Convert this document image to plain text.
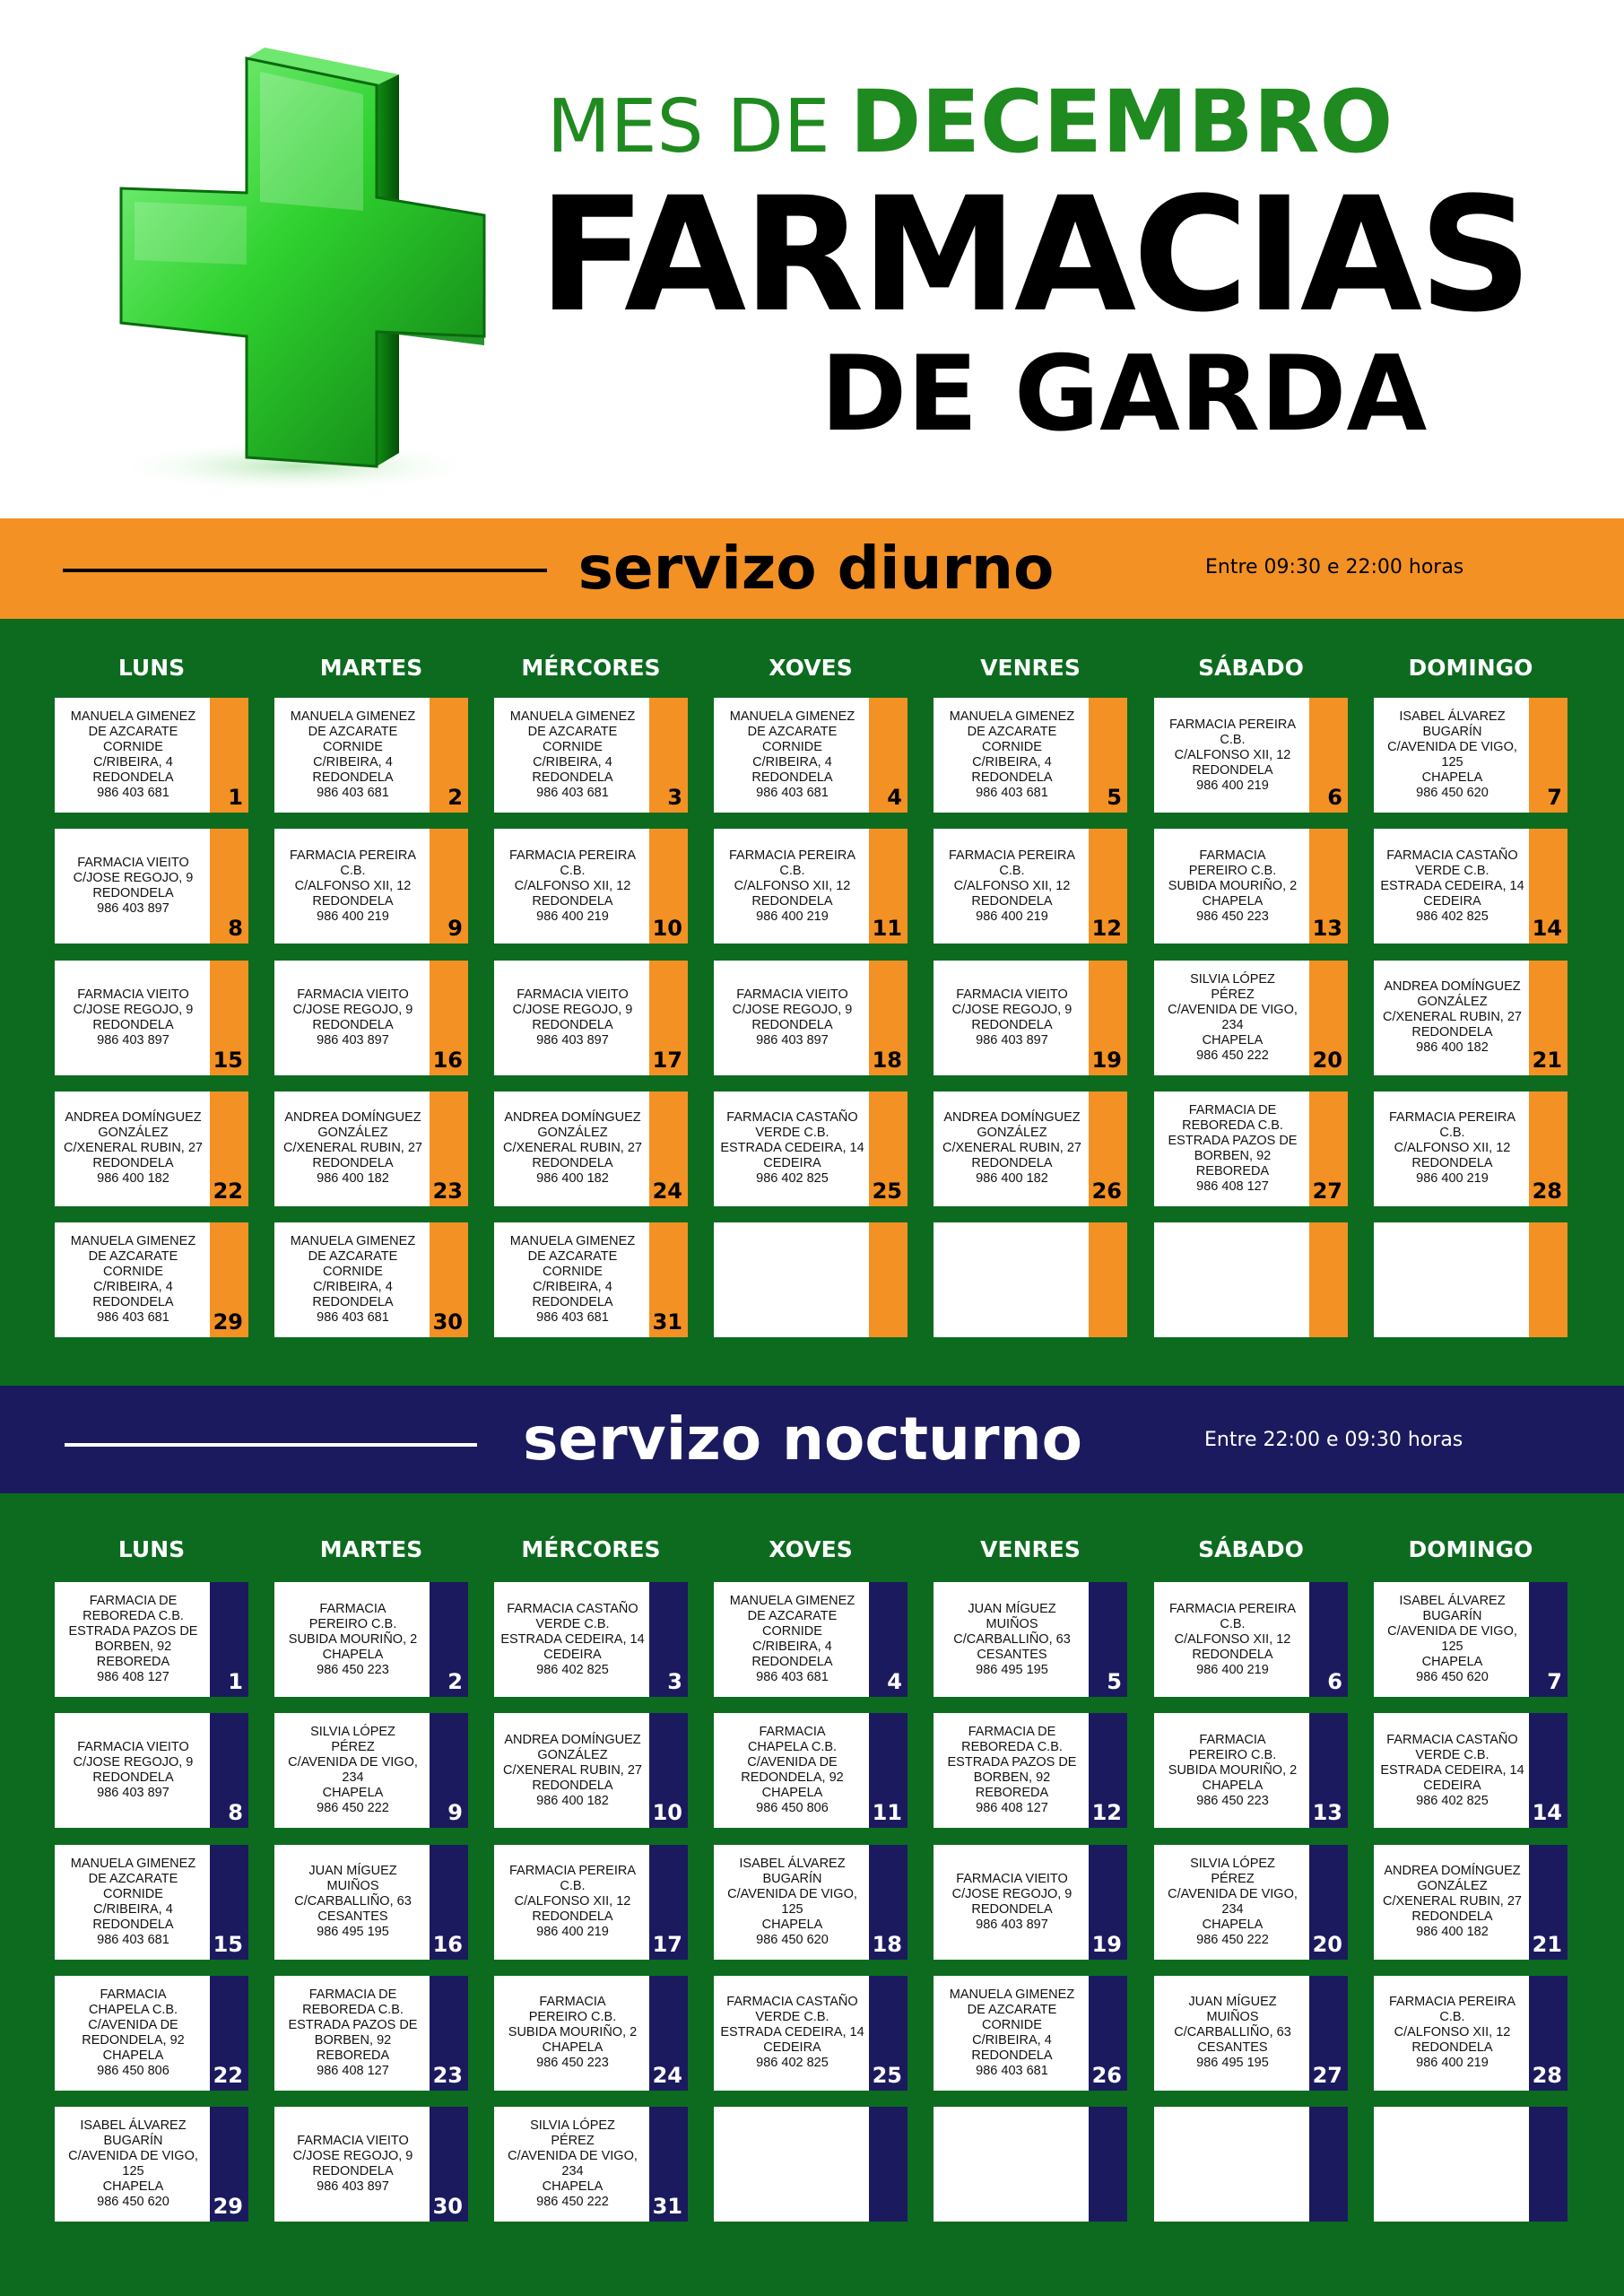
MES DE DECEMBRO
FARMACIAS
DE GARDA
servizo diurno	Entre 09:30 e 22:00 horas
LUNS	MARTES	MÉRCORES	XOVES	VENRES	SÁBADO	DOMINGO
MANUELA GIMENEZ
DE AZCARATE
CORNIDE
C/RIBEIRA, 4
REDONDELA
986 403 681	1
MANUELA GIMENEZ
DE AZCARATE
CORNIDE
C/RIBEIRA, 4
REDONDELA
986 403 681	2
MANUELA GIMENEZ
DE AZCARATE
CORNIDE
C/RIBEIRA, 4
REDONDELA
986 403 681	3
MANUELA GIMENEZ
DE AZCARATE
CORNIDE
C/RIBEIRA, 4
REDONDELA
986 403 681	4
MANUELA GIMENEZ
DE AZCARATE
CORNIDE
C/RIBEIRA, 4
REDONDELA
986 403 681	5
FARMACIA PEREIRA
C.B.
C/ALFONSO XII, 12
REDONDELA
986 400 219	6
ISABEL ÁLVAREZ
BUGARÍN
C/AVENIDA DE VIGO,
125
CHAPELA
986 450 620	7
FARMACIA VIEITO
C/JOSE REGOJO, 9
REDONDELA
986 403 897
8
FARMACIA PEREIRA
C.B.
C/ALFONSO XII, 12
REDONDELA
986 400 219	9
FARMACIA PEREIRA
C.B.
C/ALFONSO XII, 12
REDONDELA
986 400 219	10
FARMACIA PEREIRA
C.B.
C/ALFONSO XII, 12
REDONDELA
986 400 219	11
FARMACIA PEREIRA
C.B.
C/ALFONSO XII, 12
REDONDELA
986 400 219	12
FARMACIA
PEREIRO C.B.
SUBIDA MOURIÑO, 2
CHAPELA
986 450 223	13
FARMACIA CASTAÑO
VERDE C.B.
ESTRADA CEDEIRA, 14
CEDEIRA
986 402 825	14
FARMACIA VIEITO
C/JOSE REGOJO, 9
REDONDELA
986 403 897
15
FARMACIA VIEITO
C/JOSE REGOJO, 9
REDONDELA
986 403 897
16
FARMACIA VIEITO
C/JOSE REGOJO, 9
REDONDELA
986 403 897
17
FARMACIA VIEITO
C/JOSE REGOJO, 9
REDONDELA
986 403 897
18
FARMACIA VIEITO
C/JOSE REGOJO, 9
REDONDELA
986 403 897
19
SILVIA LÓPEZ
PÉREZ
C/AVENIDA DE VIGO,
234
CHAPELA
986 450 222	20
ANDREA DOMÍNGUEZ
GONZÁLEZ
C/XENERAL RUBIN, 27
REDONDELA
986 400 182	21
ANDREA DOMÍNGUEZ
GONZÁLEZ
C/XENERAL RUBIN, 27
REDONDELA
986 400 182	22
ANDREA DOMÍNGUEZ
GONZÁLEZ
C/XENERAL RUBIN, 27
REDONDELA
986 400 182	23
ANDREA DOMÍNGUEZ
GONZÁLEZ
C/XENERAL RUBIN, 27
REDONDELA
986 400 182	24
FARMACIA CASTAÑO
VERDE C.B.
ESTRADA CEDEIRA, 14
CEDEIRA
986 402 825	25
ANDREA DOMÍNGUEZ
GONZÁLEZ
C/XENERAL RUBIN, 27
REDONDELA
986 400 182	26
FARMACIA DE
REBOREDA C.B.
ESTRADA PAZOS DE
BORBEN, 92
REBOREDA
986 408 127	27
FARMACIA PEREIRA
C.B.
C/ALFONSO XII, 12
REDONDELA
986 400 219	28
MANUELA GIMENEZ
DE AZCARATE
CORNIDE
C/RIBEIRA, 4
REDONDELA
986 403 681	29
MANUELA GIMENEZ
DE AZCARATE
CORNIDE
C/RIBEIRA, 4
REDONDELA
986 403 681	30
MANUELA GIMENEZ
DE AZCARATE
CORNIDE
C/RIBEIRA, 4
REDONDELA
986 403 681	31
servizo nocturno	Entre 22:00 e 09:30 horas
LUNS	MARTES	MÉRCORES	XOVES	VENRES	SÁBADO	DOMINGO
FARMACIA DE
REBOREDA C.B.
ESTRADA PAZOS DE
BORBEN, 92
REBOREDA
986 408 127	1
FARMACIA
PEREIRO C.B.
SUBIDA MOURIÑO, 2
CHAPELA
986 450 223	2
FARMACIA CASTAÑO
VERDE C.B.
ESTRADA CEDEIRA, 14
CEDEIRA
986 402 825	3
MANUELA GIMENEZ
DE AZCARATE
CORNIDE
C/RIBEIRA, 4
REDONDELA
986 403 681	4
JUAN MÍGUEZ
MUIÑOS
C/CARBALLIÑO, 63
CESANTES
986 495 195	5
FARMACIA PEREIRA
C.B.
C/ALFONSO XII, 12
REDONDELA
986 400 219	6
ISABEL ÁLVAREZ
BUGARÍN
C/AVENIDA DE VIGO,
125
CHAPELA
986 450 620	7
FARMACIA VIEITO
C/JOSE REGOJO, 9
REDONDELA
986 403 897
8
SILVIA LÓPEZ
PÉREZ
C/AVENIDA DE VIGO,
234
CHAPELA
986 450 222	9
ANDREA DOMÍNGUEZ
GONZÁLEZ
C/XENERAL RUBIN, 27
REDONDELA
986 400 182	10
FARMACIA
CHAPELA C.B.
C/AVENIDA DE
REDONDELA, 92
CHAPELA
986 450 806	11
FARMACIA DE
REBOREDA C.B.
ESTRADA PAZOS DE
BORBEN, 92
REBOREDA
986 408 127	12
FARMACIA
PEREIRO C.B.
SUBIDA MOURIÑO, 2
CHAPELA
986 450 223	13
FARMACIA CASTAÑO
VERDE C.B.
ESTRADA CEDEIRA, 14
CEDEIRA
986 402 825	14
MANUELA GIMENEZ
DE AZCARATE
CORNIDE
C/RIBEIRA, 4
REDONDELA
986 403 681	15
JUAN MÍGUEZ
MUIÑOS
C/CARBALLIÑO, 63
CESANTES
986 495 195	16
FARMACIA PEREIRA
C.B.
C/ALFONSO XII, 12
REDONDELA
986 400 219	17
ISABEL ÁLVAREZ
BUGARÍN
C/AVENIDA DE VIGO,
125
CHAPELA
986 450 620	18
FARMACIA VIEITO
C/JOSE REGOJO, 9
REDONDELA
986 403 897
19
SILVIA LÓPEZ
PÉREZ
C/AVENIDA DE VIGO,
234
CHAPELA
986 450 222	20
ANDREA DOMÍNGUEZ
GONZÁLEZ
C/XENERAL RUBIN, 27
REDONDELA
986 400 182	21
FARMACIA
CHAPELA C.B.
C/AVENIDA DE
REDONDELA, 92
CHAPELA
986 450 806	22
FARMACIA DE
REBOREDA C.B.
ESTRADA PAZOS DE
BORBEN, 92
REBOREDA
986 408 127	23
FARMACIA
PEREIRO C.B.
SUBIDA MOURIÑO, 2
CHAPELA
986 450 223	24
FARMACIA CASTAÑO
VERDE C.B.
ESTRADA CEDEIRA, 14
CEDEIRA
986 402 825	25
MANUELA GIMENEZ
DE AZCARATE
CORNIDE
C/RIBEIRA, 4
REDONDELA
986 403 681	26
JUAN MÍGUEZ
MUIÑOS
C/CARBALLIÑO, 63
CESANTES
986 495 195	27
FARMACIA PEREIRA
C.B.
C/ALFONSO XII, 12
REDONDELA
986 400 219	28
ISABEL ÁLVAREZ
BUGARÍN
C/AVENIDA DE VIGO,
125
CHAPELA
986 450 620	29
FARMACIA VIEITO
C/JOSE REGOJO, 9
REDONDELA
986 403 897
30
SILVIA LÓPEZ
PÉREZ
C/AVENIDA DE VIGO,
234
CHAPELA
986 450 222	31
